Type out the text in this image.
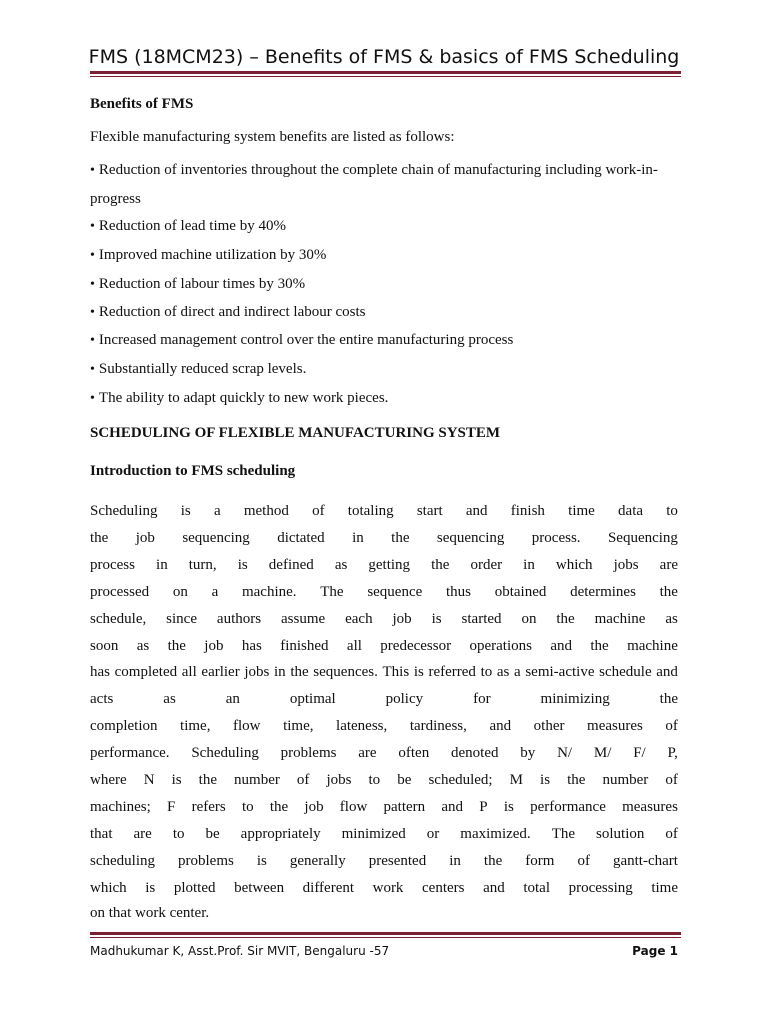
FMS (18MCM23) – Benefits of FMS & basics of FMS Scheduling
Benefits of FMS
Flexible manufacturing system benefits are listed as follows:
• Reduction of inventories throughout the complete chain of manufacturing including work-in-progress
• Reduction of lead time by 40%
• Improved machine utilization by 30%
• Reduction of labour times by 30%
• Reduction of direct and indirect labour costs
• Increased management control over the entire manufacturing process
• Substantially reduced scrap levels.
• The ability to adapt quickly to new work pieces.
SCHEDULING OF FLEXIBLE MANUFACTURING SYSTEM
Introduction to FMS scheduling
Scheduling is a method of totaling start and finish time data to
the job sequencing dictated in the sequencing process. Sequencing
process in turn, is defined as getting the order in which jobs are
processed on a machine. The sequence thus obtained determines the
schedule, since authors assume each job is started on the machine as
soon as the job has finished all predecessor operations and the machine
has completed all earlier jobs in the sequences. This is referred to as a semi-active schedule and
acts	as	an	optimal	policy	for	minimizing	the
completion time, flow time, lateness, tardiness, and other measures of
performance. Scheduling problems are often denoted by N/ M/ F/ P,
where N is the number of jobs to be scheduled; M is the number of
machines; F refers to the job flow pattern and P is performance measures
that are to be appropriately minimized or maximized. The solution of
scheduling problems is generally presented in the form of gantt-chart
which is plotted between different work centers and total processing time
on that work center.
Madhukumar K, Asst.Prof. Sir MVIT, Bengaluru -57	Page 1
